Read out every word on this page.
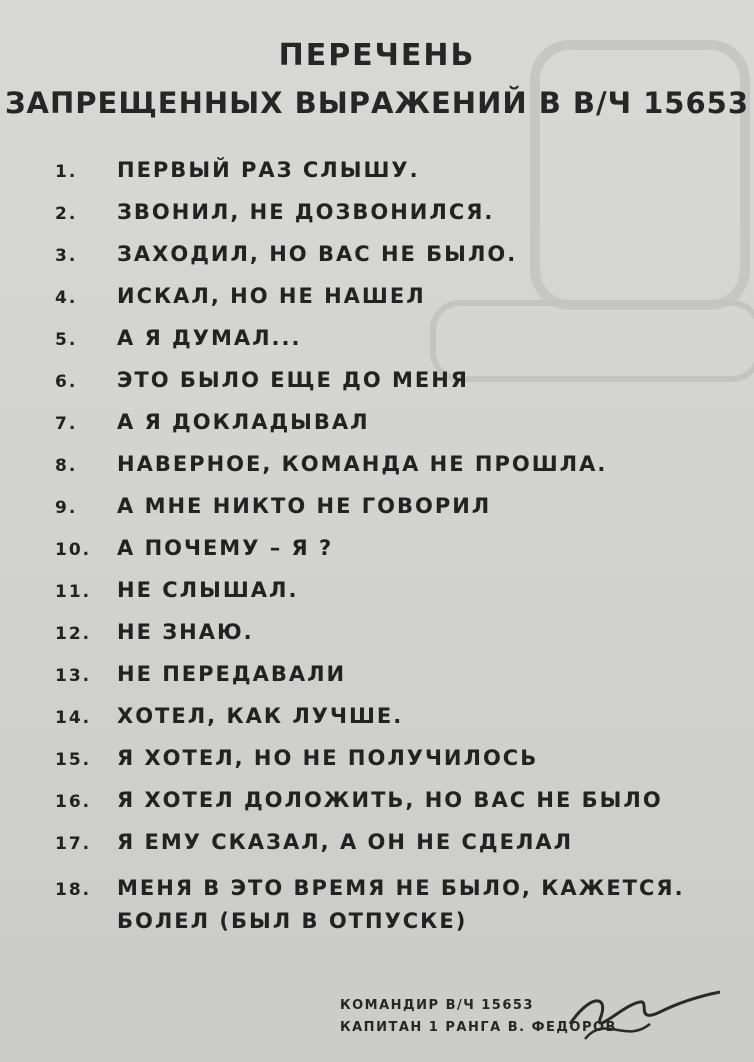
ПЕРЕЧЕНЬ
ЗАПРЕЩЕННЫХ ВЫРАЖЕНИЙ В В/Ч 15653
1.	ПЕРВЫЙ РАЗ СЛЫШУ.
2.	ЗВОНИЛ, НЕ ДОЗВОНИЛСЯ.
3.	ЗАХОДИЛ, НО ВАС НЕ БЫЛО.
4.	ИСКАЛ, НО НЕ НАШЕЛ
5.	А Я ДУМАЛ...
6.	ЭТО БЫЛО ЕЩЕ ДО МЕНЯ
7.	А Я ДОКЛАДЫВАЛ
8.	НАВЕРНОЕ, КОМАНДА НЕ ПРОШЛА.
9.	А МНЕ НИКТО НЕ ГОВОРИЛ
10.	А ПОЧЕМУ – Я ?
11.	НЕ СЛЫШАЛ.
12.	НЕ ЗНАЮ.
13.	НЕ ПЕРЕДАВАЛИ
14.	ХОТЕЛ, КАК ЛУЧШЕ.
15.	Я ХОТЕЛ, НО НЕ ПОЛУЧИЛОСЬ
16.	Я ХОТЕЛ ДОЛОЖИТЬ, НО ВАС НЕ БЫЛО
17.	Я ЕМУ СКАЗАЛ, А ОН НЕ СДЕЛАЛ
18.	МЕНЯ В ЭТО ВРЕМЯ НЕ БЫЛО, КАЖЕТСЯ. БОЛЕЛ (БЫЛ В ОТПУСКЕ)
КОМАНДИР В/Ч 15653
КАПИТАН 1 РАНГА В. ФЕДОРОВ
